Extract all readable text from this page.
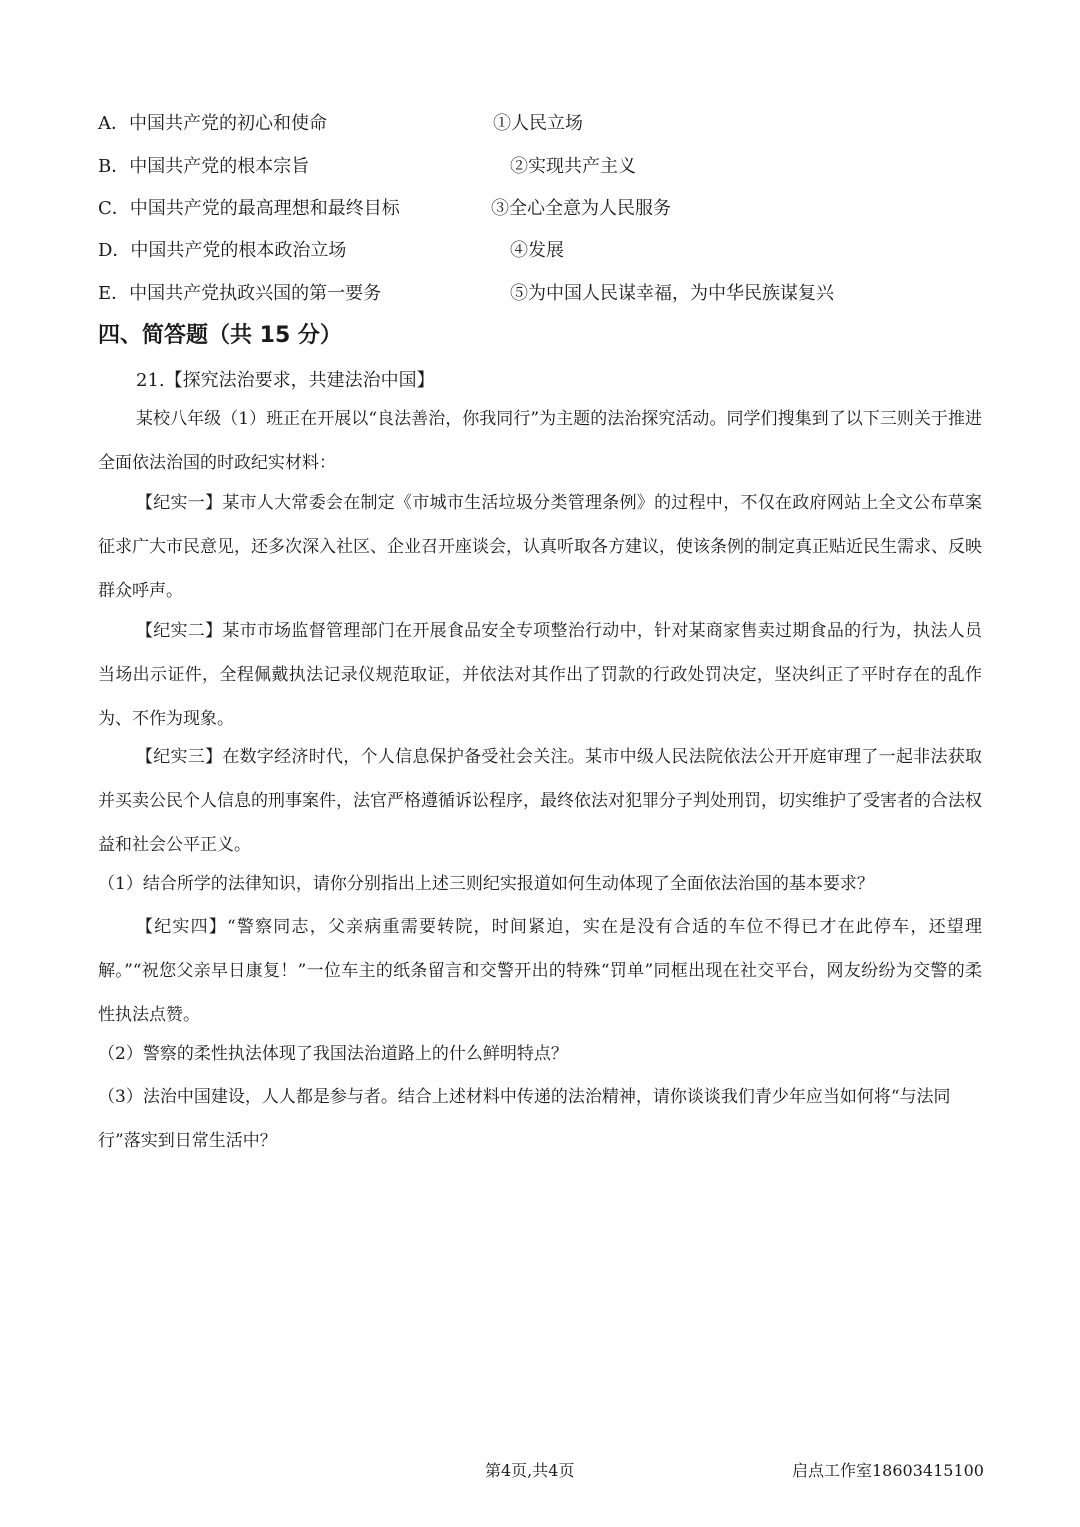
A．中国共产党的初心和使命
B．中国共产党的根本宗旨
C．中国共产党的最高理想和最终目标
D．中国共产党的根本政治立场
E．中国共产党执政兴国的第一要务
①人民立场
②实现共产主义
③全心全意为人民服务
④发展
⑤为中国人民谋幸福，为中华民族谋复兴
四、简答题（共 15 分）
21.【探究法治要求，共建法治中国】

某校八年级（1）班正在开展以“良法善治，你我同行”为主题的法治探究活动。同学们搜集到了以下三则关于推进全面依法治国的时政纪实材料：

【纪实一】某市人大常委会在制定《市城市生活垃圾分类管理条例》的过程中，不仅在政府网站上全文公布草案征求广大市民意见，还多次深入社区、企业召开座谈会，认真听取各方建议，使该条例的制定真正贴近民生需求、反映群众呼声。

【纪实二】某市市场监督管理部门在开展食品安全专项整治行动中，针对某商家售卖过期食品的行为，执法人员当场出示证件，全程佩戴执法记录仪规范取证，并依法对其作出了罚款的行政处罚决定，坚决纠正了平时存在的乱作为、不作为现象。

【纪实三】在数字经济时代，个人信息保护备受社会关注。某市中级人民法院依法公开开庭审理了一起非法获取并买卖公民个人信息的刑事案件，法官严格遵循诉讼程序，最终依法对犯罪分子判处刑罚，切实维护了受害者的合法权益和社会公平正义。

（1）结合所学的法律知识，请你分别指出上述三则纪实报道如何生动体现了全面依法治国的基本要求？

【纪实四】“警察同志，父亲病重需要转院，时间紧迫，实在是没有合适的车位不得已才在此停车，还望理解。”“祝您父亲早日康复！”一位车主的纸条留言和交警开出的特殊“罚单”同框出现在社交平台，网友纷纷为交警的柔性执法点赞。

（2）警察的柔性执法体现了我国法治道路上的什么鲜明特点？

（3）法治中国建设，人人都是参与者。结合上述材料中传递的法治精神，请你谈谈我们青少年应当如何将“与法同行”落实到日常生活中？

第4页,共4页	启点工作室18603415100
